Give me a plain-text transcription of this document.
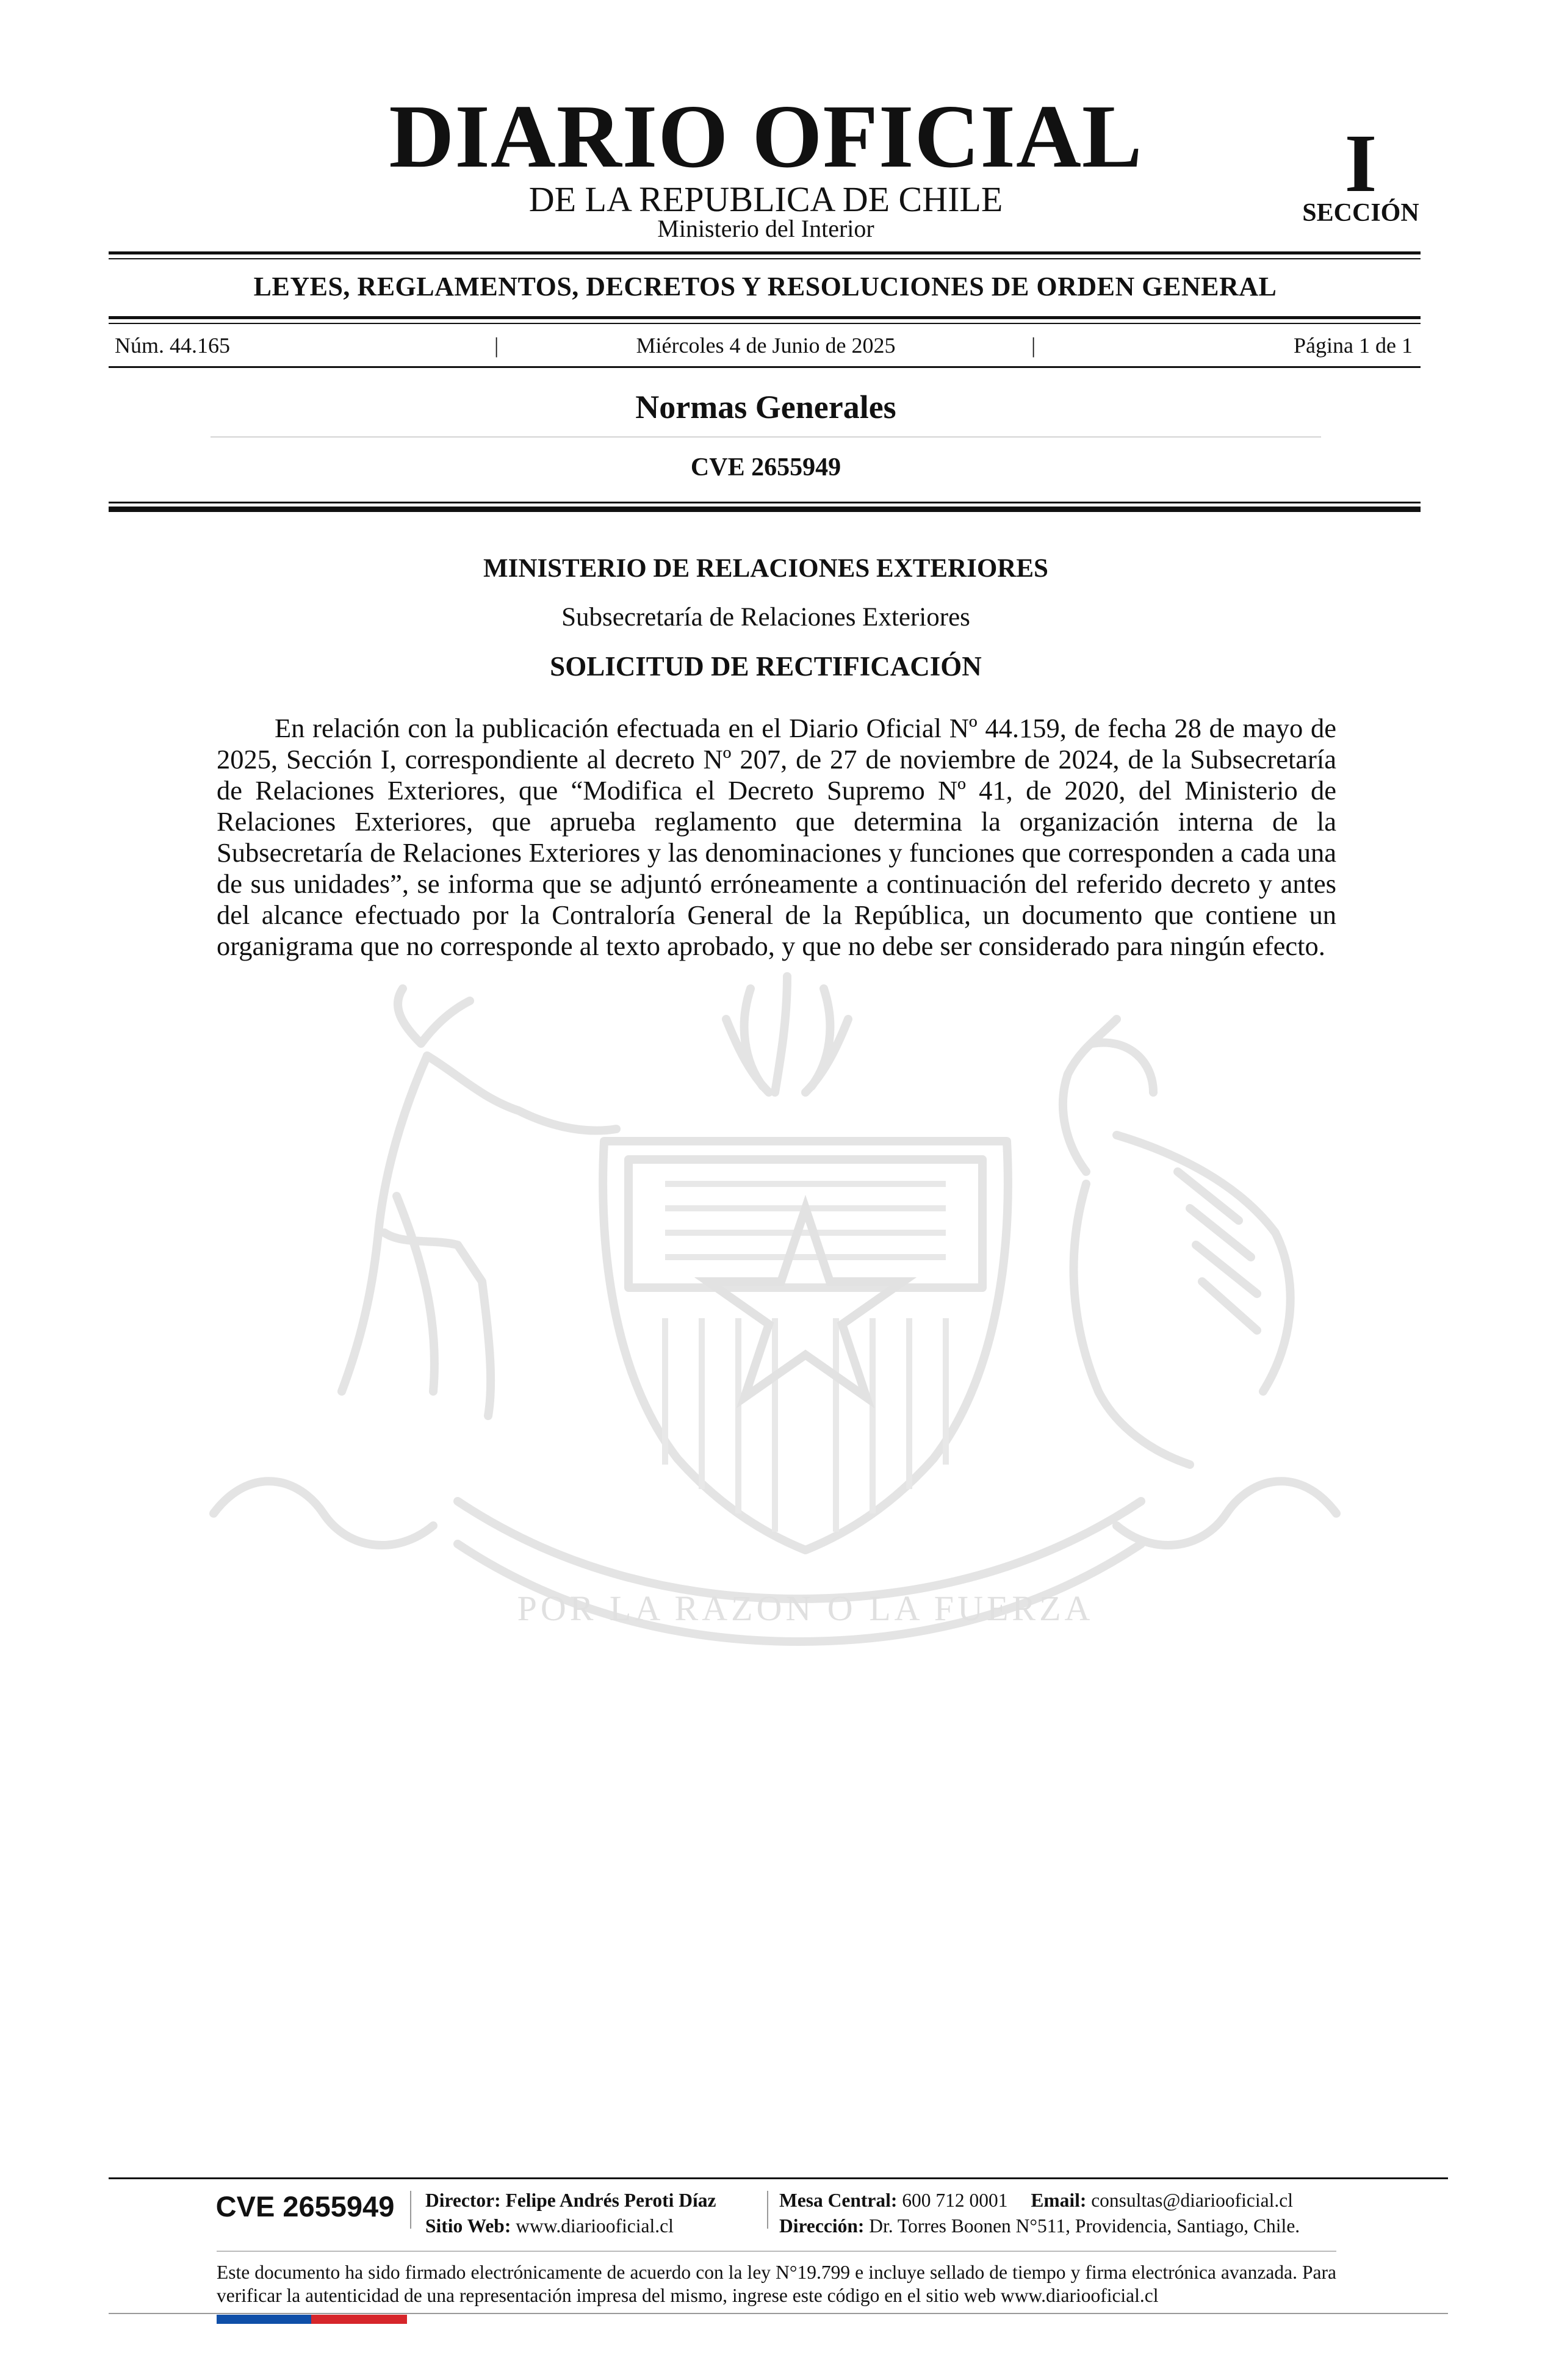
DIARIO OFICIAL
DE LA REPUBLICA DE CHILE
Ministerio del Interior
I
SECCIÓN
LEYES, REGLAMENTOS, DECRETOS Y RESOLUCIONES DE ORDEN GENERAL
Núm. 44.165	|	Miércoles 4 de Junio de 2025	|	Página 1 de 1
Normas Generales
CVE 2655949
POR LA RAZON O LA FUERZA
MINISTERIO DE RELACIONES EXTERIORES
Subsecretaría de Relaciones Exteriores
SOLICITUD DE RECTIFICACIÓN

En relación con la publicación efectuada en el Diario Oficial Nº 44.159, de fecha 28 de mayo de 2025, Sección I, correspondiente al decreto Nº 207, de 27 de noviembre de 2024, de la Subsecretaría de Relaciones Exteriores, que “Modifica el Decreto Supremo Nº 41, de 2020, del Ministerio de Relaciones Exteriores, que aprueba reglamento que determina la organización interna de la Subsecretaría de Relaciones Exteriores y las denominaciones y funciones que corresponden a cada una de sus unidades”, se informa que se adjuntó erróneamente a continuación del referido decreto y antes del alcance efectuado por la Contraloría General de la República, un documento que contiene un organigrama que no corresponde al texto aprobado, y que no debe ser considerado para ningún efecto.

CVE 2655949	Director: Felipe Andrés Peroti Díaz
Sitio Web: www.diariooficial.cl
Mesa Central: 600 712 0001 Email: consultas@diariooficial.cl
Dirección: Dr. Torres Boonen N°511, Providencia, Santiago, Chile.

Este documento ha sido firmado electrónicamente de acuerdo con la ley N°19.799 e incluye sellado de tiempo y firma electrónica avanzada. Para verificar la autenticidad de una representación impresa del mismo, ingrese este código en el sitio web www.diariooficial.cl
